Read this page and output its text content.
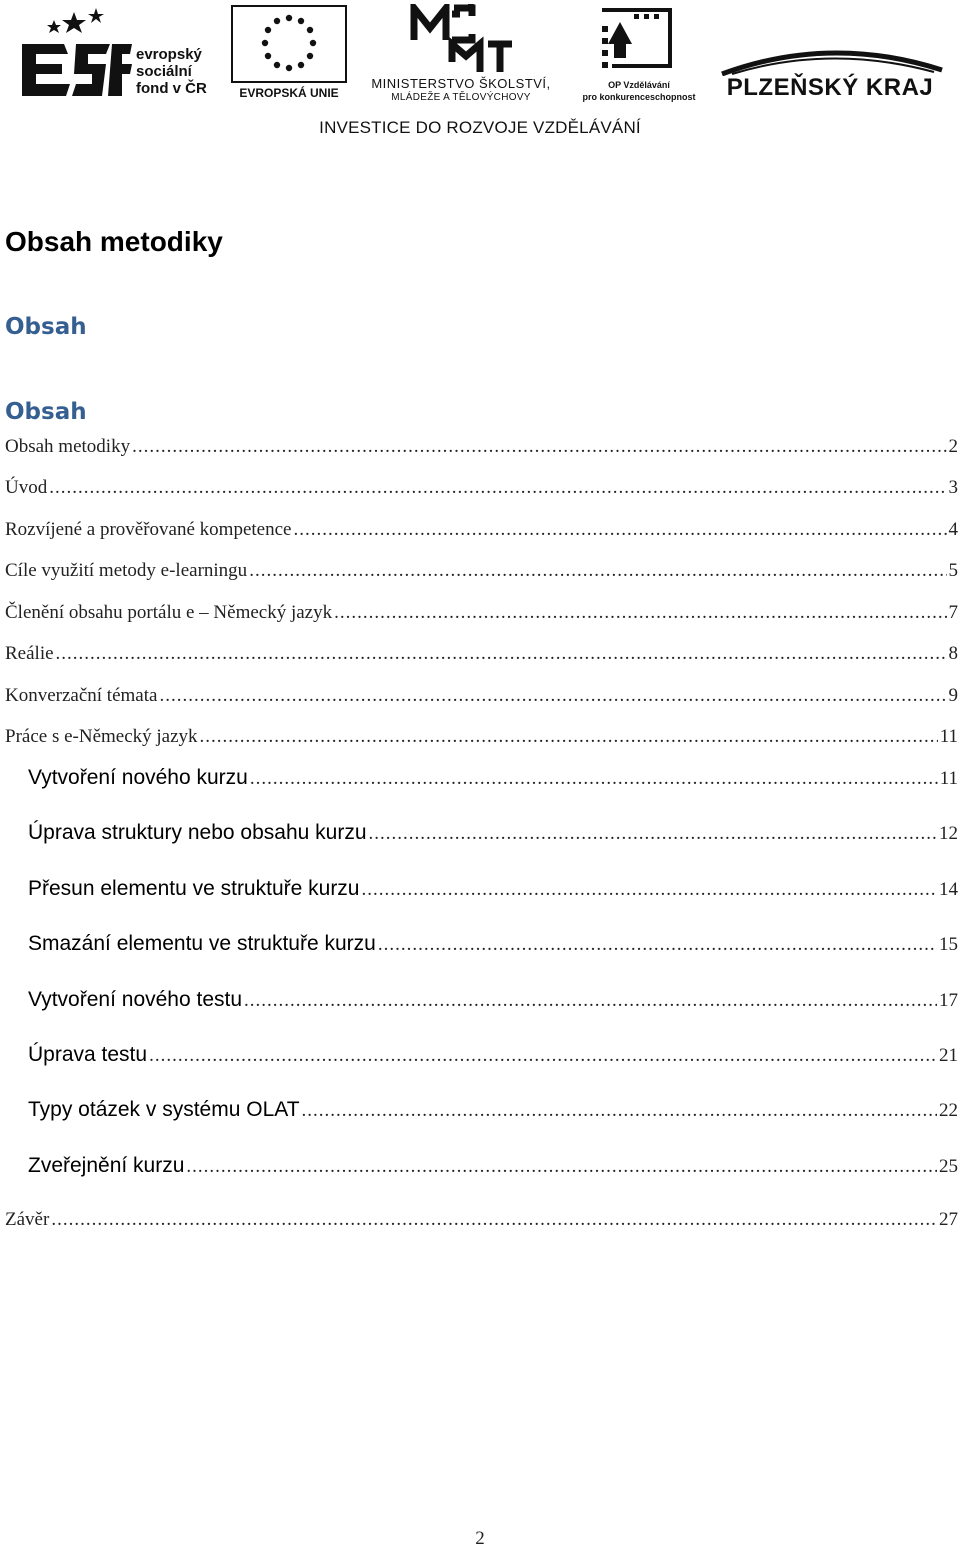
evropský
sociální
fond v ČR	EVROPSKÁ UNIE
MINISTERSTVO ŠKOLSTVÍ,
MLÁDEŽE A TĚLOVÝCHOVY
OP Vzdělávání
pro konkurenceschopnost	PLZEŇSKÝ KRAJ
INVESTICE DO ROZVOJE VZDĚLÁVÁNÍ
Obsah metodiky
Obsah
Obsah
Obsah metodiky .....	2
Úvod .....	3
Rozvíjené a prověřované kompetence .....	4
Cíle využití metody e-learningu .....	5
Členění obsahu portálu e – Německý jazyk .....	7
Reálie .....	8
Konverzační témata .....	9
Práce s e-Německý jazyk .....	11
Vytvoření nového kurzu .....	11
Úprava struktury nebo obsahu kurzu .....	12
Přesun elementu ve struktuře kurzu .....	14
Smazání elementu ve struktuře kurzu .....	15
Vytvoření nového testu .....	17
Úprava testu .....	21
Typy otázek v systému OLAT .....	22
Zveřejnění kurzu .....	25
Závěr .....	27
2
